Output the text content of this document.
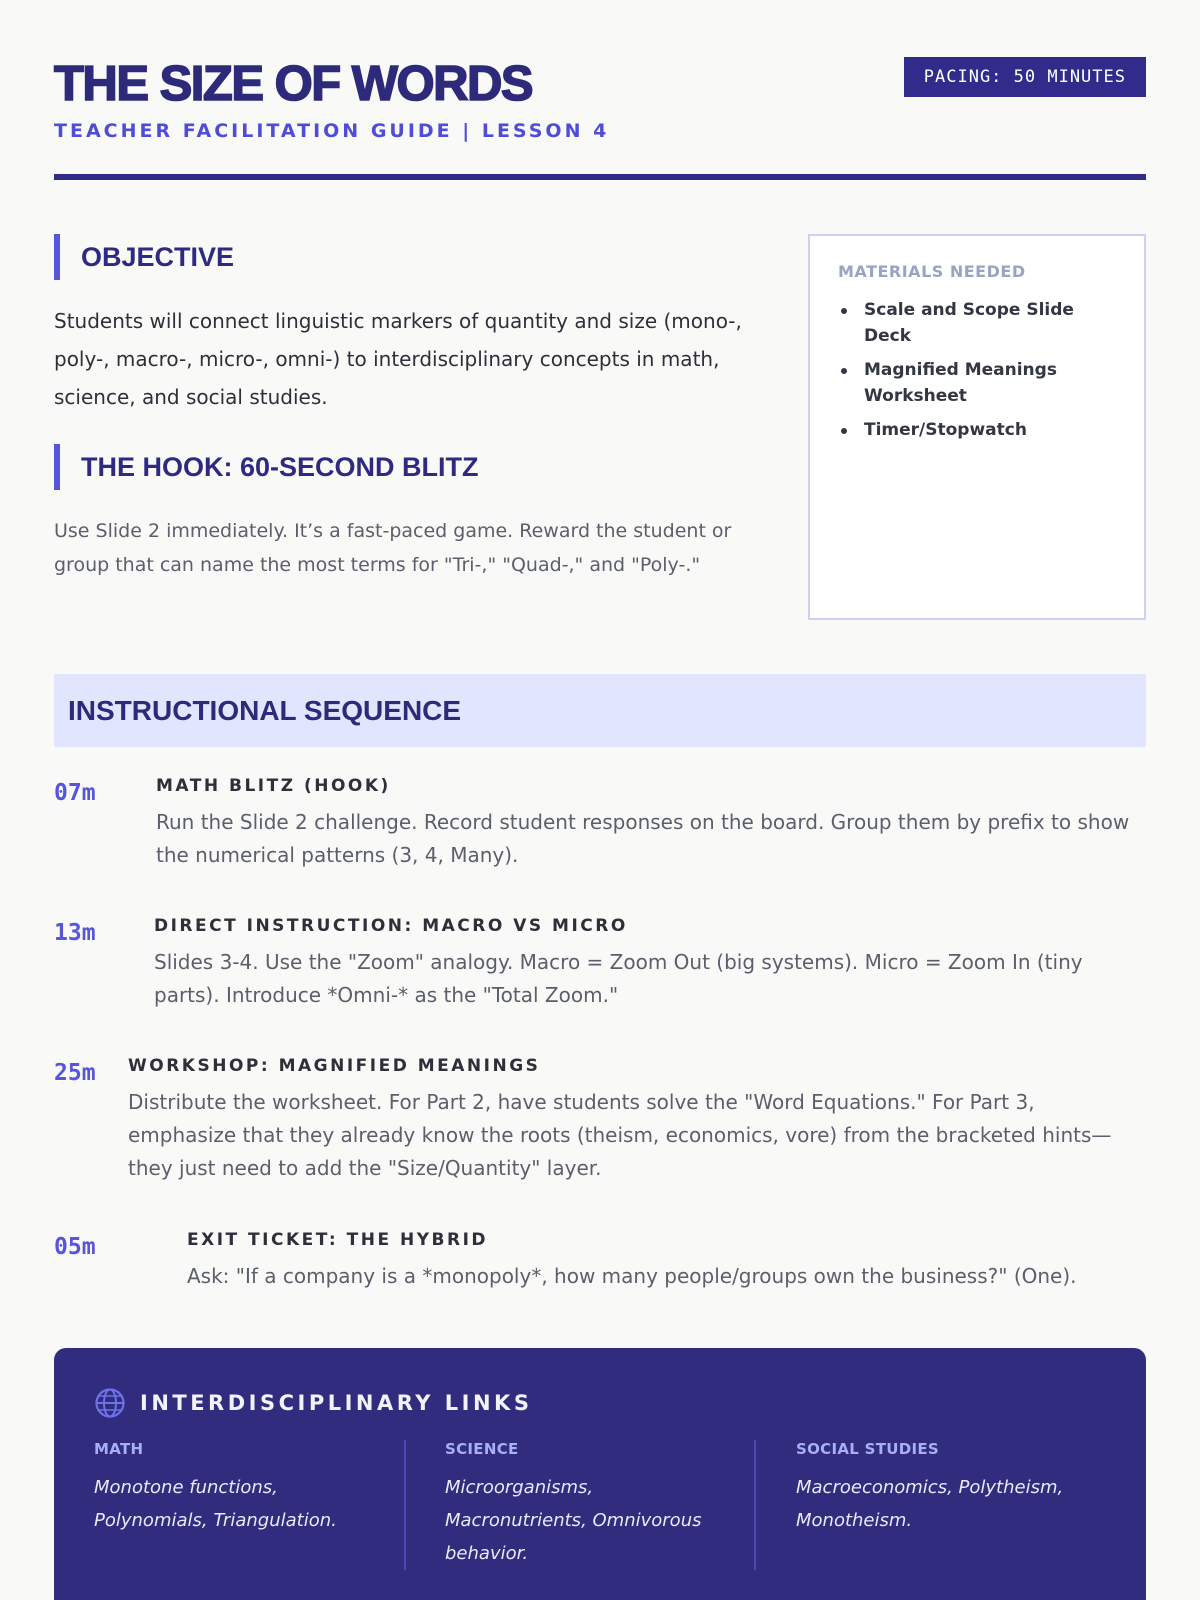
THE SIZE OF WORDS
TEACHER FACILITATION GUIDE | LESSON 4
PACING: 50 MINUTES
OBJECTIVE

Students will connect linguistic markers of quantity and size (mono-, poly-, macro-, micro-, omni-) to interdisciplinary concepts in math, science, and social studies.

THE HOOK: 60-SECOND BLITZ

Use Slide 2 immediately. It’s a fast-paced game. Reward the student or group that can name the most terms for "Tri-," "Quad-," and "Poly-."

MATERIALS NEEDED
Scale and Scope Slide Deck
Magnified Meanings Worksheet
Timer/Stopwatch
INSTRUCTIONAL SEQUENCE
07m	MATH BLITZ (HOOK)

Run the Slide 2 challenge. Record student responses on the board. Group them by prefix to show the numerical patterns (3, 4, Many).

13m	DIRECT INSTRUCTION: MACRO VS MICRO

Slides 3-4. Use the "Zoom" analogy. Macro = Zoom Out (big systems). Micro = Zoom In (tiny parts). Introduce *Omni-* as the "Total Zoom."

25m WORKSHOP: MAGNIFIED MEANINGS

Distribute the worksheet. For Part 2, have students solve the "Word Equations." For Part 3, emphasize that they already know the roots (theism, economics, vore) from the bracketed hints—they just need to add the "Size/Quantity" layer.

05m	EXIT TICKET: THE HYBRID

Ask: "If a company is a *monopoly*, how many people/groups own the business?" (One).

INTERDISCIPLINARY LINKS
MATH
Monotone functions, Polynomials, Triangulation.
SCIENCE
Microorganisms, Macronutrients, Omnivorous behavior.
SOCIAL STUDIES
Macroeconomics, Polytheism, Monotheism.
